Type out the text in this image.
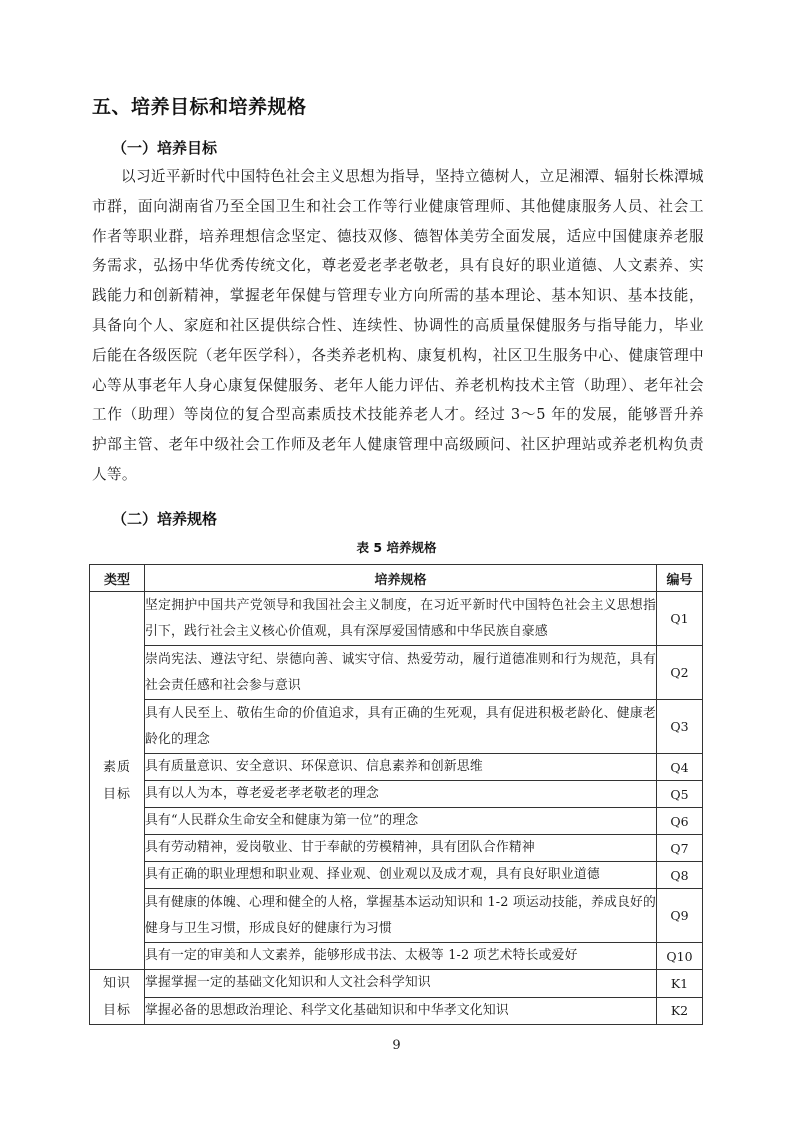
五、培养目标和培养规格
（一）培养目标
以习近平新时代中国特色社会主义思想为指导，坚持立德树人，立足湘潭、辐射长株潭城市群，面向湖南省乃至全国卫生和社会工作等行业健康管理师、其他健康服务人员、社会工作者等职业群，培养理想信念坚定、德技双修、德智体美劳全面发展，适应中国健康养老服务需求，弘扬中华优秀传统文化，尊老爱老孝老敬老，具有良好的职业道德、人文素养、实践能力和创新精神，掌握老年保健与管理专业方向所需的基本理论、基本知识、基本技能，具备向个人、家庭和社区提供综合性、连续性、协调性的高质量保健服务与指导能力，毕业后能在各级医院（老年医学科），各类养老机构、康复机构，社区卫生服务中心、健康管理中心等从事老年人身心康复保健服务、老年人能力评估、养老机构技术主管（助理）、老年社会工作（助理）等岗位的复合型高素质技术技能养老人才。经过 3～5 年的发展，能够晋升养护部主管、老年中级社会工作师及老年人健康管理中高级顾问、社区护理站或养老机构负责人等。
（二）培养规格
表 5 培养规格
类型	培养规格	编号
素质目标	坚定拥护中国共产党领导和我国社会主义制度，在习近平新时代中国特色社会主义思想指引下，践行社会主义核心价值观，具有深厚爱国情感和中华民族自豪感	Q1
	崇尚宪法、遵法守纪、崇德向善、诚实守信、热爱劳动，履行道德准则和行为规范，具有社会责任感和社会参与意识	Q2
	具有人民至上、敬佑生命的价值追求，具有正确的生死观，具有促进积极老龄化、健康老龄化的理念	Q3
	具有质量意识、安全意识、环保意识、信息素养和创新思维	Q4
	具有以人为本，尊老爱老孝老敬老的理念	Q5
	具有“人民群众生命安全和健康为第一位”的理念	Q6
	具有劳动精神，爱岗敬业、甘于奉献的劳模精神，具有团队合作精神	Q7
	具有正确的职业理想和职业观、择业观、创业观以及成才观，具有良好职业道德	Q8
	具有健康的体魄、心理和健全的人格，掌握基本运动知识和 1-2 项运动技能，养成良好的健身与卫生习惯，形成良好的健康行为习惯	Q9
	具有一定的审美和人文素养，能够形成书法、太极等 1-2 项艺术特长或爱好	Q10
知识目标	掌握掌握一定的基础文化知识和人文社会科学知识	K1
	掌握必备的思想政治理论、科学文化基础知识和中华孝文化知识	K2
9
